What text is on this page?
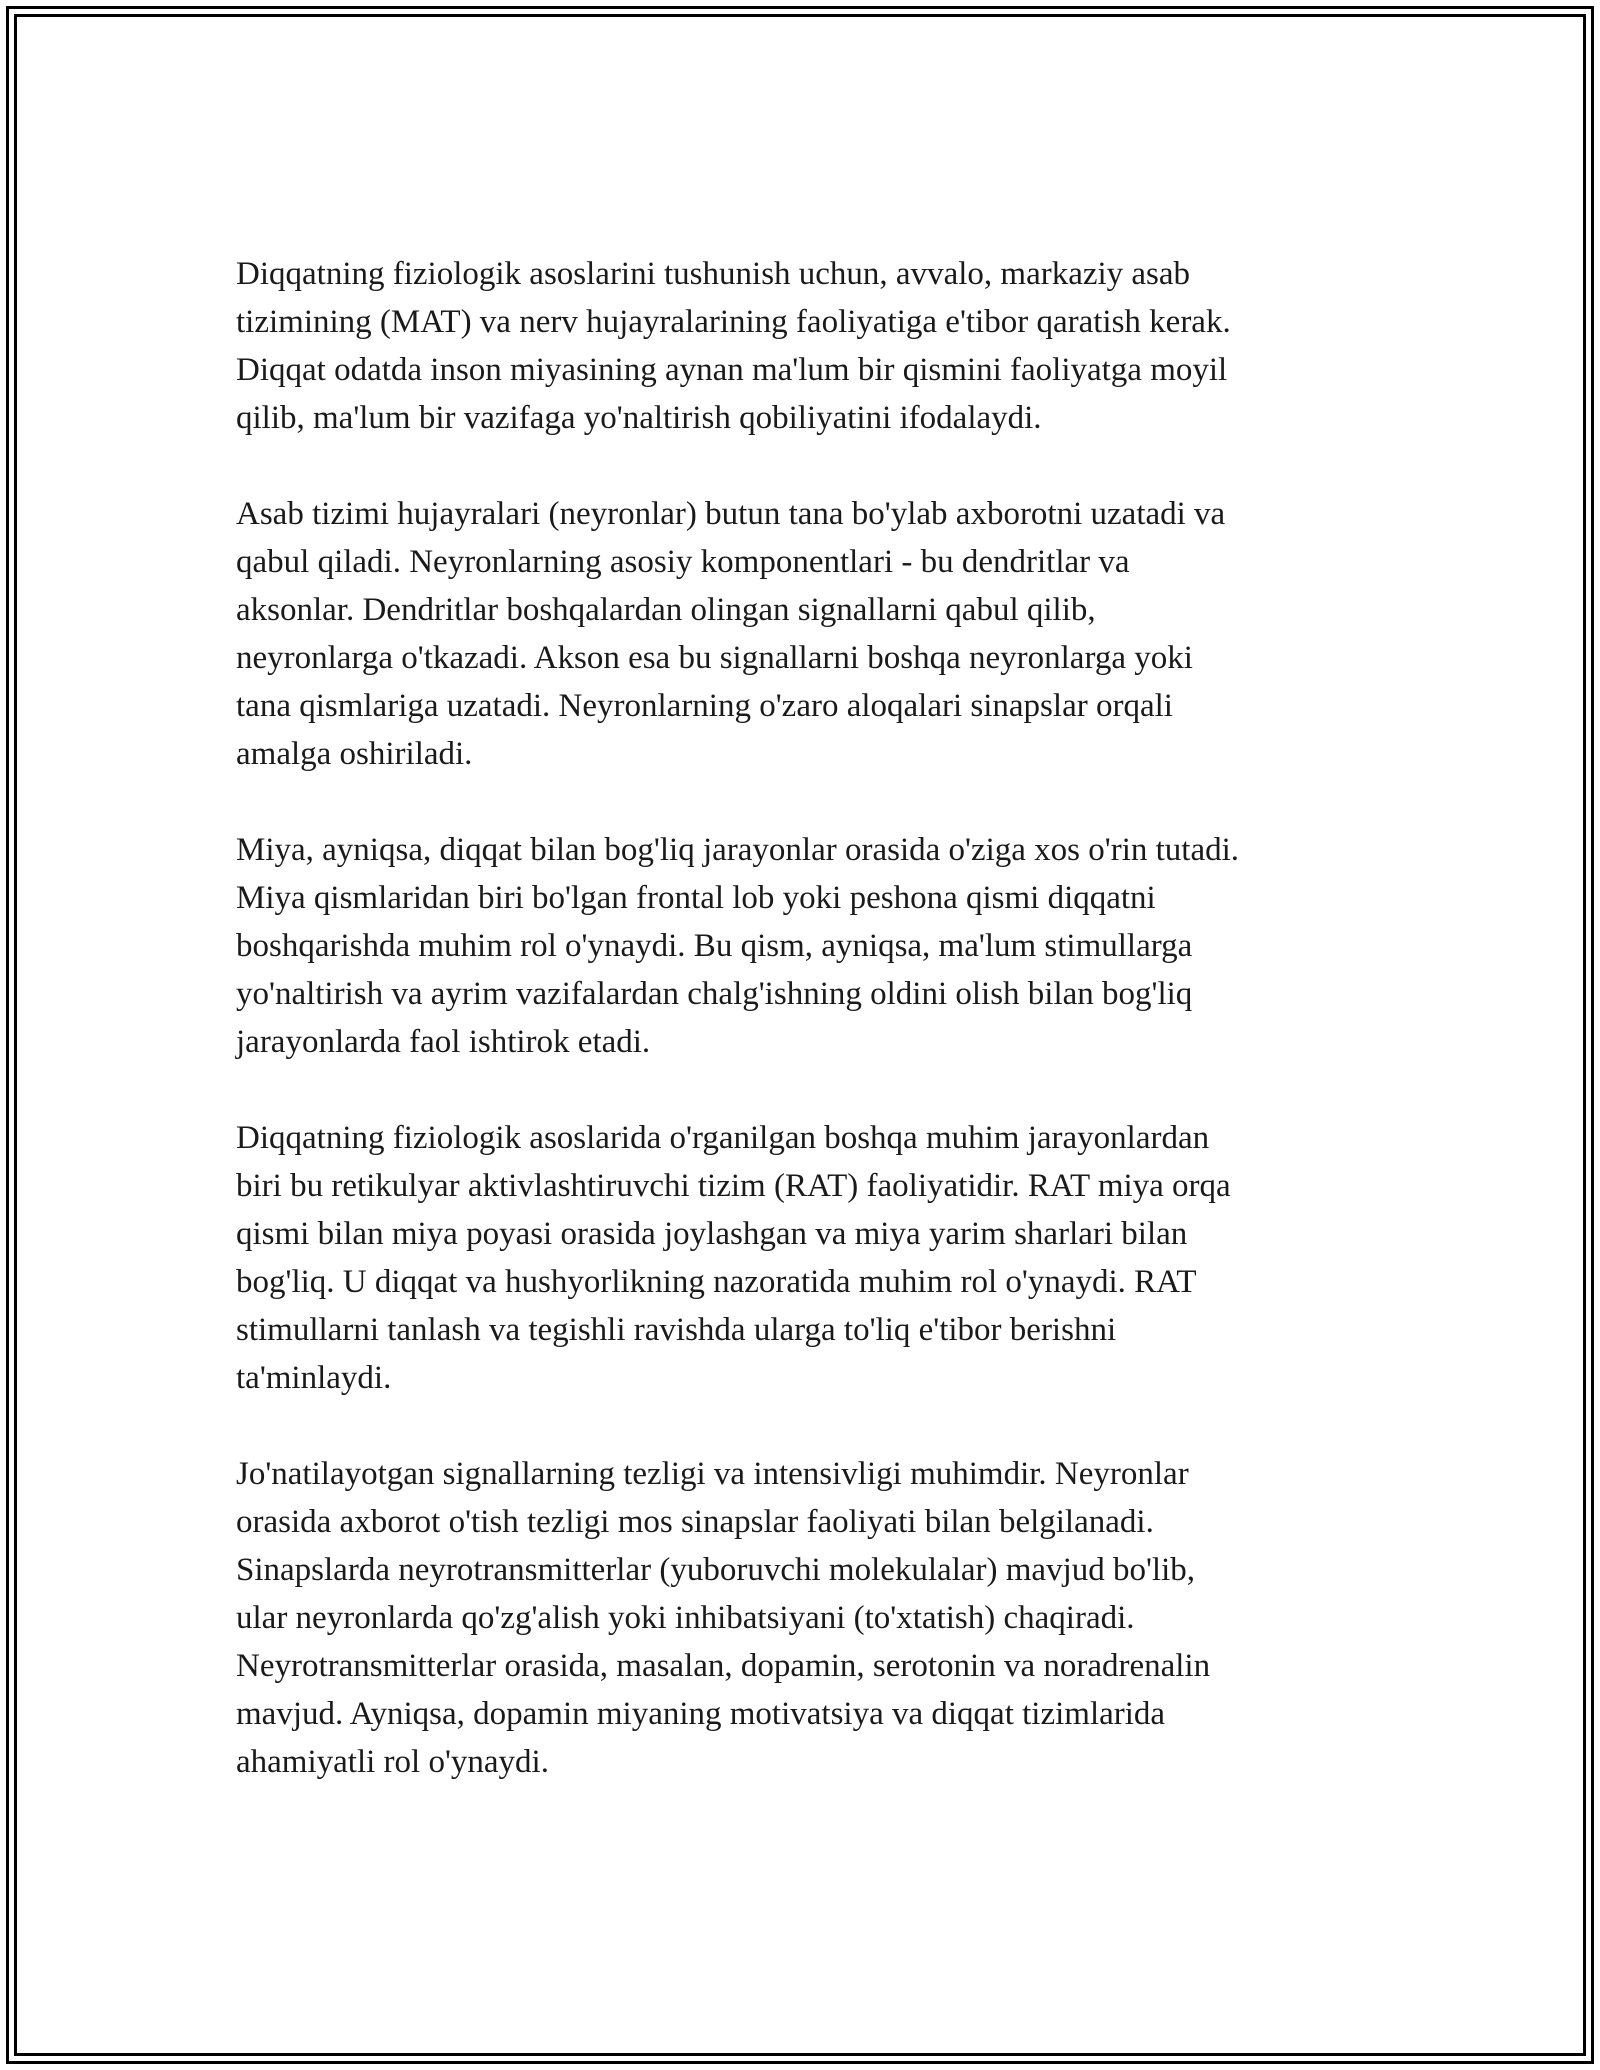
Diqqatning fiziologik asoslarini tushunish uchun, avvalo, markaziy asab
tizimining (MAT) va nerv hujayralarining faoliyatiga e'tibor qaratish kerak.
Diqqat odatda inson miyasining aynan ma'lum bir qismini faoliyatga moyil
qilib, ma'lum bir vazifaga yo'naltirish qobiliyatini ifodalaydi.

Asab tizimi hujayralari (neyronlar) butun tana bo'ylab axborotni uzatadi va
qabul qiladi. Neyronlarning asosiy komponentlari - bu dendritlar va
aksonlar. Dendritlar boshqalardan olingan signallarni qabul qilib,
neyronlarga o'tkazadi. Akson esa bu signallarni boshqa neyronlarga yoki
tana qismlariga uzatadi. Neyronlarning o'zaro aloqalari sinapslar orqali
amalga oshiriladi.

Miya, ayniqsa, diqqat bilan bog'liq jarayonlar orasida o'ziga xos o'rin tutadi.
Miya qismlaridan biri bo'lgan frontal lob yoki peshona qismi diqqatni
boshqarishda muhim rol o'ynaydi. Bu qism, ayniqsa, ma'lum stimullarga
yo'naltirish va ayrim vazifalardan chalg'ishning oldini olish bilan bog'liq
jarayonlarda faol ishtirok etadi.

Diqqatning fiziologik asoslarida o'rganilgan boshqa muhim jarayonlardan
biri bu retikulyar aktivlashtiruvchi tizim (RAT) faoliyatidir. RAT miya orqa
qismi bilan miya poyasi orasida joylashgan va miya yarim sharlari bilan
bog'liq. U diqqat va hushyorlikning nazoratida muhim rol o'ynaydi. RAT
stimullarni tanlash va tegishli ravishda ularga to'liq e'tibor berishni
ta'minlaydi.

Jo'natilayotgan signallarning tezligi va intensivligi muhimdir. Neyronlar
orasida axborot o'tish tezligi mos sinapslar faoliyati bilan belgilanadi.
Sinapslarda neyrotransmitterlar (yuboruvchi molekulalar) mavjud bo'lib,
ular neyronlarda qo'zg'alish yoki inhibatsiyani (to'xtatish) chaqiradi.
Neyrotransmitterlar orasida, masalan, dopamin, serotonin va noradrenalin
mavjud. Ayniqsa, dopamin miyaning motivatsiya va diqqat tizimlarida
ahamiyatli rol o'ynaydi.
